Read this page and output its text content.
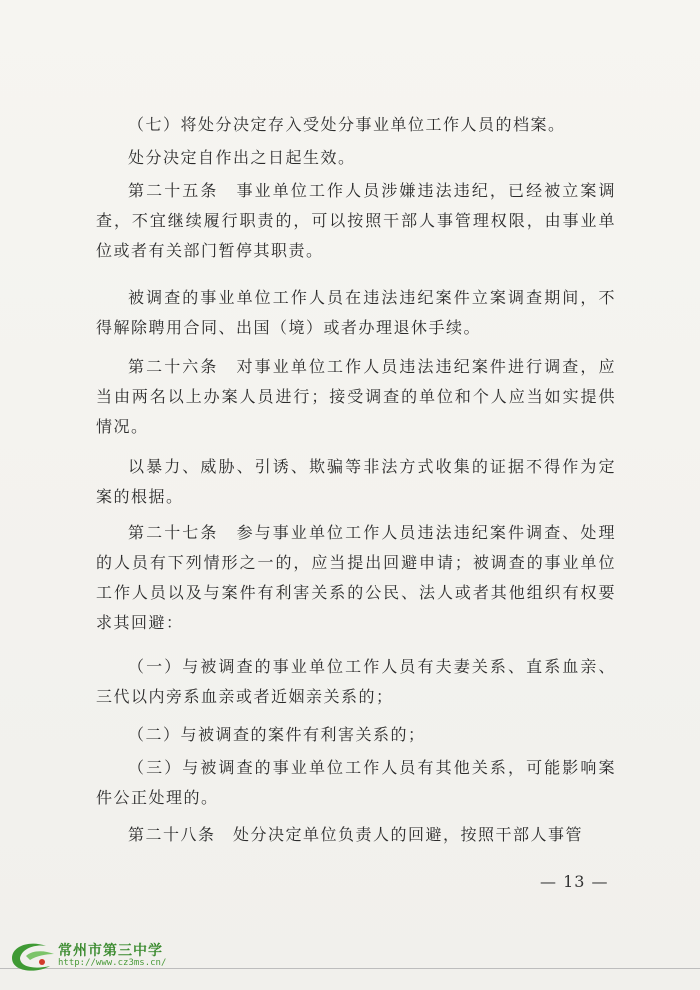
（七）将处分决定存入受处分事业单位工作人员的档案。

处分决定自作出之日起生效。

第二十五条　事业单位工作人员涉嫌违法违纪，已经被立案调查，不宜继续履行职责的，可以按照干部人事管理权限，由事业单位或者有关部门暂停其职责。

被调查的事业单位工作人员在违法违纪案件立案调查期间，不得解除聘用合同、出国（境）或者办理退休手续。

第二十六条　对事业单位工作人员违法违纪案件进行调查，应当由两名以上办案人员进行；接受调查的单位和个人应当如实提供情况。

以暴力、威胁、引诱、欺骗等非法方式收集的证据不得作为定案的根据。

第二十七条　参与事业单位工作人员违法违纪案件调查、处理的人员有下列情形之一的，应当提出回避申请；被调查的事业单位工作人员以及与案件有利害关系的公民、法人或者其他组织有权要求其回避：

（一）与被调查的事业单位工作人员有夫妻关系、直系血亲、三代以内旁系血亲或者近姻亲关系的；

（二）与被调查的案件有利害关系的；

（三）与被调查的事业单位工作人员有其他关系，可能影响案件公正处理的。

第二十八条　处分决定单位负责人的回避，按照干部人事管

— 13 —
常州市第三中学
http://www.cz3ms.cn/
